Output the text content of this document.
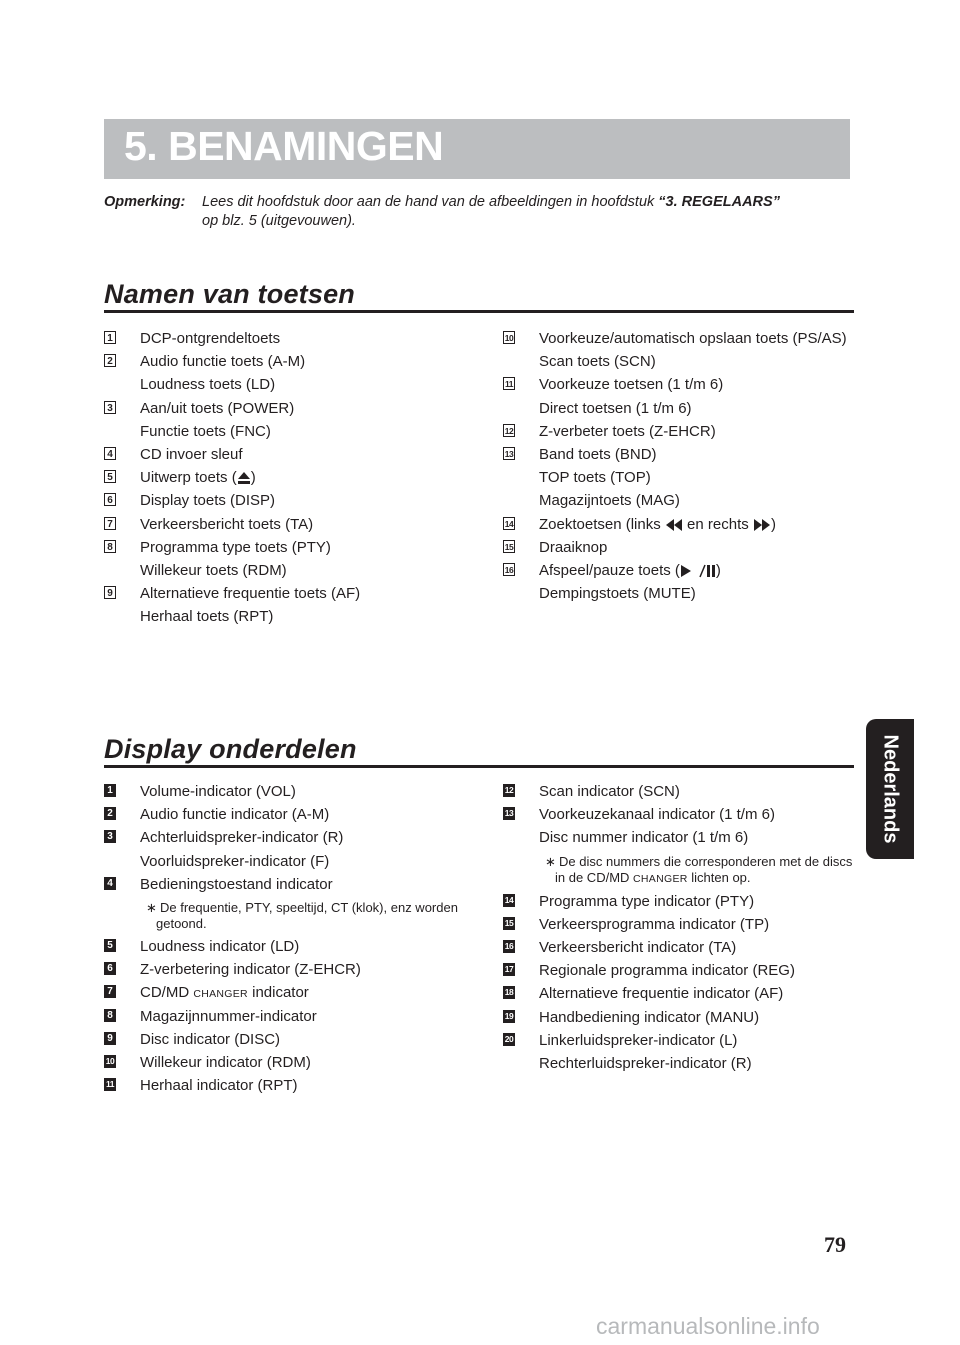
5. BENAMINGEN
Opmerking: Lees dit hoofdstuk door aan de hand van de afbeeldingen in hoofdstuk “3. REGELAARS”
op blz. 5 (uitgevouwen).
Namen van toetsen
1 DCP-ontgrendeltoets
2 Audio functie toets (A-M)
Loudness toets (LD)
3 Aan/uit toets (POWER)
Functie toets (FNC)
4 CD invoer sleuf
5 Uitwerp toets ( )
6 Display toets (DISP)
7 Verkeersbericht toets (TA)
8 Programma type toets (PTY)
Willekeur toets (RDM)
9 Alternatieve frequentie toets (AF)
Herhaal toets (RPT)
10 Voorkeuze/automatisch opslaan toets (PS/AS)
Scan toets (SCN)
11 Voorkeuze toetsen (1 t/m 6)
Direct toetsen (1 t/m 6)
12 Z-verbeter toets (Z-EHCR)
13 Band toets (BND)
TOP toets (TOP)
Magazijntoets (MAG)
14 Zoektoetsen (links  en rechts )
15 Draaiknop
16 Afspeel/pauze toets ( )
Dempingstoets (MUTE)
Display onderdelen
1 Volume-indicator (VOL)
2 Audio functie indicator (A-M)
3 Achterluidspreker-indicator (R)
Voorluidspreker-indicator (F)
4 Bedieningstoestand indicator
∗ De frequentie, PTY, speeltijd, CT (klok), enz worden getoond.
5 Loudness indicator (LD)
6 Z-verbetering indicator (Z-EHCR)
7 CD/MD CHANGER indicator
8 Magazijnnummer-indicator
9 Disc indicator (DISC)
10 Willekeur indicator (RDM)
11 Herhaal indicator (RPT)
12 Scan indicator (SCN)
13 Voorkeuzekanaal indicator (1 t/m 6)
Disc nummer indicator (1 t/m 6)
∗ De disc nummers die corresponderen met de discs in de CD/MD CHANGER lichten op.
14 Programma type indicator (PTY)
15 Verkeersprogramma indicator (TP)
16 Verkeersbericht indicator (TA)
17 Regionale programma indicator (REG)
18 Alternatieve frequentie indicator (AF)
19 Handbediening indicator (MANU)
20 Linkerluidspreker-indicator (L)
Rechterluidspreker-indicator (R)
Nederlands
79
carmanualsonline.info
